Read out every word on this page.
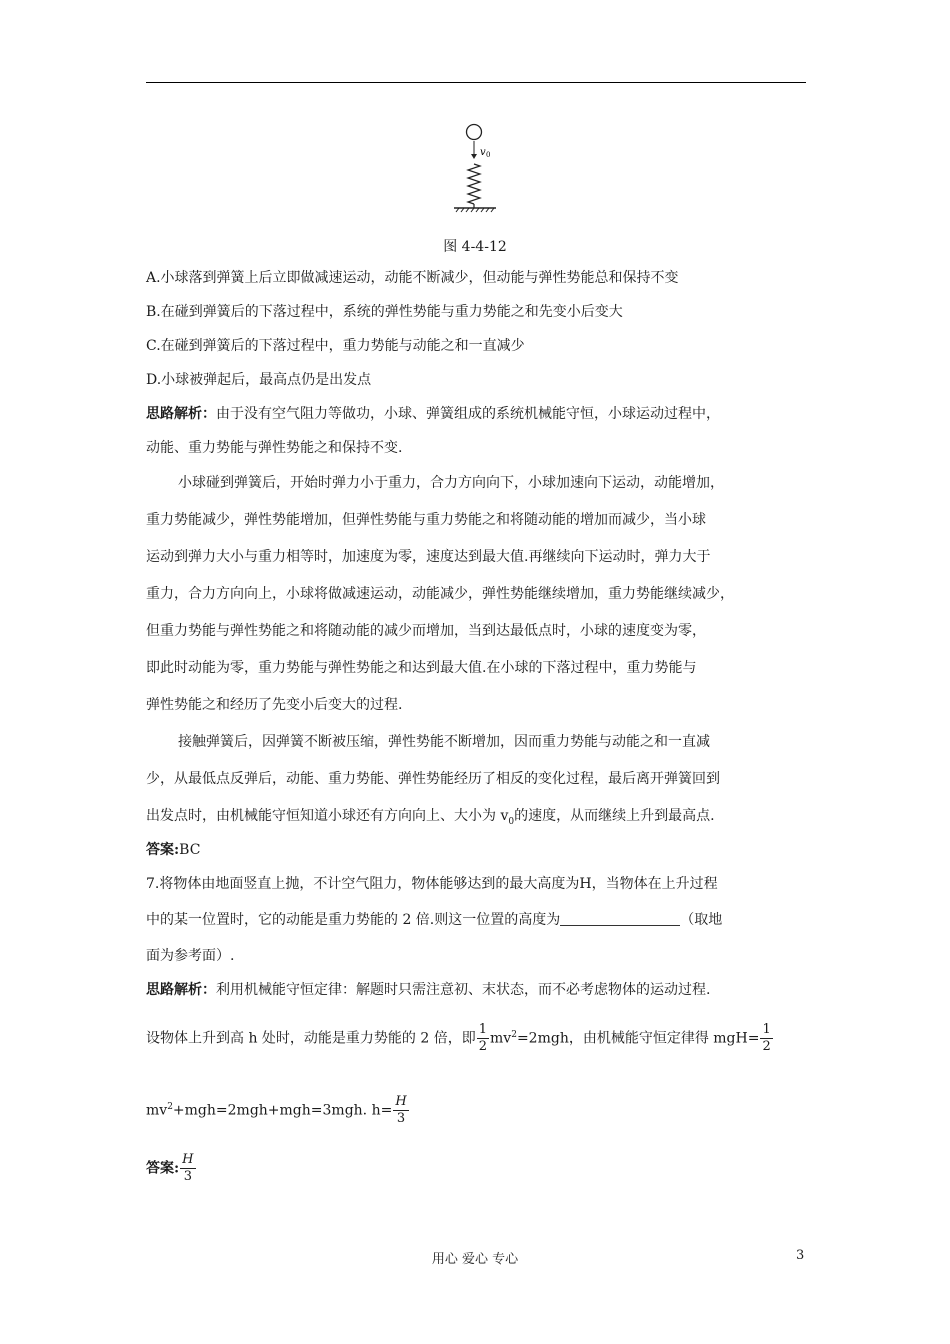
v 0
图 4-4-12
A.小球落到弹簧上后立即做减速运动，动能不断减少，但动能与弹性势能总和保持不变
B.在碰到弹簧后的下落过程中，系统的弹性势能与重力势能之和先变小后变大
C.在碰到弹簧后的下落过程中，重力势能与动能之和一直减少
D.小球被弹起后，最高点仍是出发点
思路解析：由于没有空气阻力等做功，小球、弹簧组成的系统机械能守恒，小球运动过程中，
动能、重力势能与弹性势能之和保持不变.
小球碰到弹簧后，开始时弹力小于重力，合力方向向下，小球加速向下运动，动能增加，
重力势能减少，弹性势能增加，但弹性势能与重力势能之和将随动能的增加而减少，当小球
运动到弹力大小与重力相等时，加速度为零，速度达到最大值.再继续向下运动时，弹力大于
重力，合力方向向上，小球将做减速运动，动能减少，弹性势能继续增加，重力势能继续减少，
但重力势能与弹性势能之和将随动能的减少而增加，当到达最低点时，小球的速度变为零，
即此时动能为零，重力势能与弹性势能之和达到最大值.在小球的下落过程中，重力势能与
弹性势能之和经历了先变小后变大的过程.
接触弹簧后，因弹簧不断被压缩，弹性势能不断增加，因而重力势能与动能之和一直减
少，从最低点反弹后，动能、重力势能、弹性势能经历了相反的变化过程，最后离开弹簧回到
出发点时，由机械能守恒知道小球还有方向向上、大小为 $v_0$的速度，从而继续上升到最高点.
答案:BC
7.将物体由地面竖直上抛，不计空气阻力，物体能够达到的最大高度为H，当物体在上升过程
中的某一位置时，它的动能是重力势能的 2 倍.则这一位置的高度为	（取地
面为参考面）.
思路解析：利用机械能守恒定律：解题时只需注意初、末状态，而不必考虑物体的运动过程.
设物体上升到高 h 处时，动能是重力势能的 2 倍，即 $\frac{1}{2} mv^2=2mgh$，由机械能守恒定律得 $mgH= \frac{1}{2}$
$mv^2+mgh=2mgh+mgh=3mgh$. $h= \frac{H}{3}$
答案: $\frac{H}{3}$
用心 爱心 专心	3
